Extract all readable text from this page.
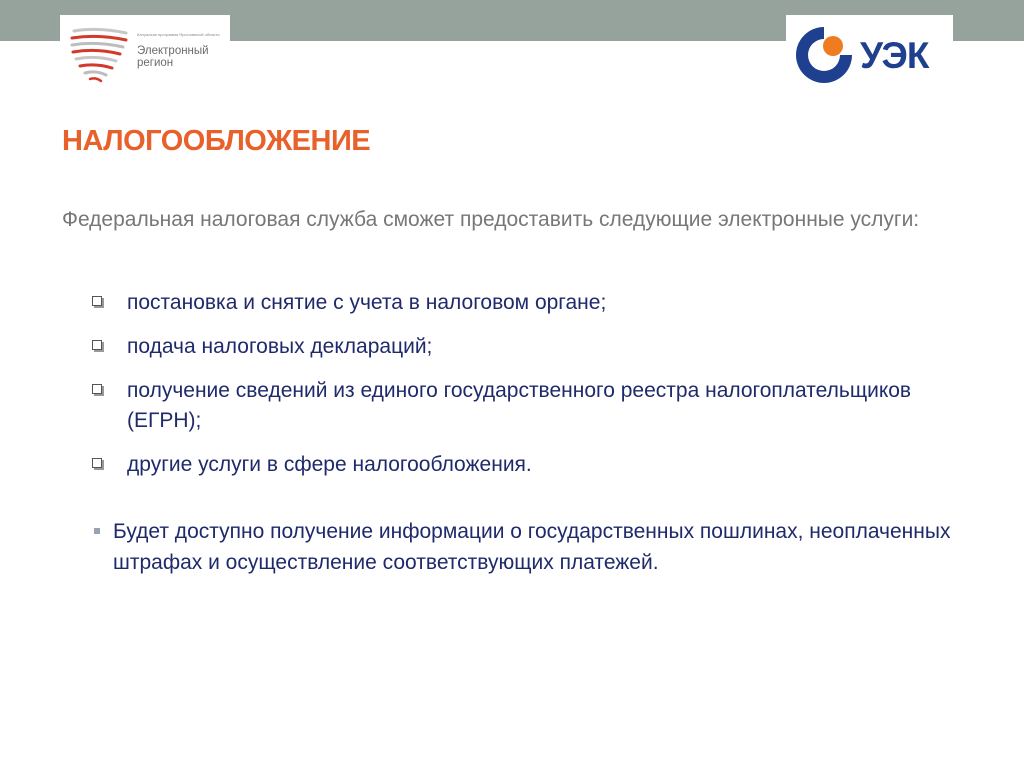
Калужская программа Ярославской области
Электронный регион	УЭК
НАЛОГООБЛОЖЕНИЕ
Федеральная налоговая служба сможет предоставить следующие электронные услуги:
постановка и снятие с учета в налоговом органе;
подача налоговых деклараций;
получение сведений из единого государственного реестра налогоплательщиков (ЕГРН);
другие услуги в сфере налогообложения.
Будет доступно получение информации о государственных пошлинах, неоплаченных штрафах и осуществление соответствующих платежей.
